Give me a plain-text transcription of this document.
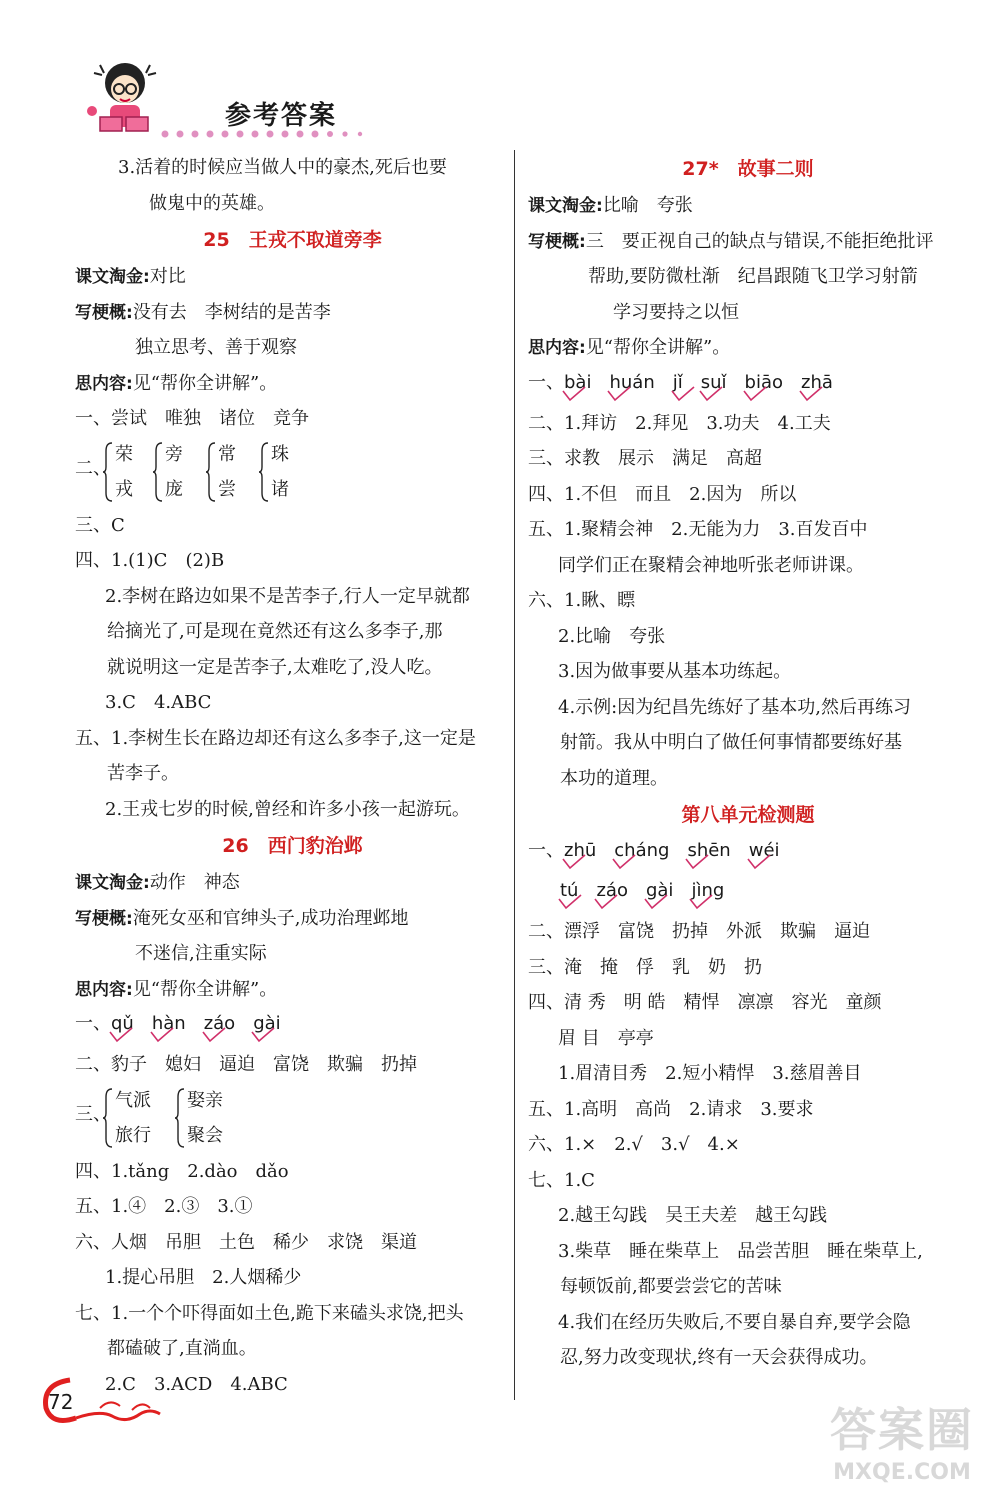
参考答案
3.活着的时候应当做人中的豪杰,死后也要
做鬼中的英雄。
25　王戎不取道旁李
课文淘金:对比
写梗概:没有去　李树结的是苦李
独立思考、善于观察
思内容:见“帮你全讲解”。
一、尝试　唯独　诸位　竞争
二、
荣
戎
旁
庞
常
尝
珠
诸
三、C
四、1.(1)C　(2)B
2.李树在路边如果不是苦李子,行人一定早就都
给摘光了,可是现在竟然还有这么多李子,那
就说明这一定是苦李子,太难吃了,没人吃。
3.C　4.ABC
五、1.李树生长在路边却还有这么多李子,这一定是
苦李子。
2.王戎七岁的时候,曾经和许多小孩一起游玩。
26　西门豹治邺
课文淘金:动作　神态
写梗概:淹死女巫和官绅头子,成功治理邺地
不迷信,注重实际
思内容:见“帮你全讲解”。
一、qǔ hàn záo gài
二、豹子　媳妇　逼迫　富饶　欺骗　扔掉
三、
气派
旅行
娶亲
聚会
四、1.tǎng　2.dào　dǎo
五、1.④　2.③　3.①
六、人烟　吊胆　土色　稀少　求饶　渠道
1.提心吊胆　2.人烟稀少
七、1.一个个吓得面如土色,跪下来磕头求饶,把头
都磕破了,直淌血。
2.C　3.ACD　4.ABC
27*　故事二则
课文淘金:比喻　夸张
写梗概:三　要正视自己的缺点与错误,不能拒绝批评
帮助,要防微杜渐　纪昌跟随飞卫学习射箭
学习要持之以恒
思内容:见“帮你全讲解”。
一、bài huán jǐ suǐ biāo zhā
二、1.拜访　2.拜见　3.功夫　4.工夫
三、求教　展示　满足　高超
四、1.不但　而且　2.因为　所以
五、1.聚精会神　2.无能为力　3.百发百中
同学们正在聚精会神地听张老师讲课。
六、1.瞅、瞟
2.比喻　夸张
3.因为做事要从基本功练起。
4.示例:因为纪昌先练好了基本功,然后再练习
射箭。我从中明白了做任何事情都要练好基
本功的道理。
第八单元检测题
一、zhū cháng shēn wéi
tú záo gài jìng
二、漂浮　富饶　扔掉　外派　欺骗　逼迫
三、淹　掩　俘　乳　奶　扔
四、清 秀　明 皓　精悍　凛凛　容光　童颜
眉 目　亭亭
1.眉清目秀　2.短小精悍　3.慈眉善目
五、1.高明　高尚　2.请求　3.要求
六、1.×　2.√　3.√　4.×
七、1.C
2.越王勾践　吴王夫差　越王勾践
3.柴草　睡在柴草上　品尝苦胆　睡在柴草上,
每顿饭前,都要尝尝它的苦味
4.我们在经历失败后,不要自暴自弃,要学会隐
忍,努力改变现状,终有一天会获得成功。
72
答案圈
MXQE.COM
